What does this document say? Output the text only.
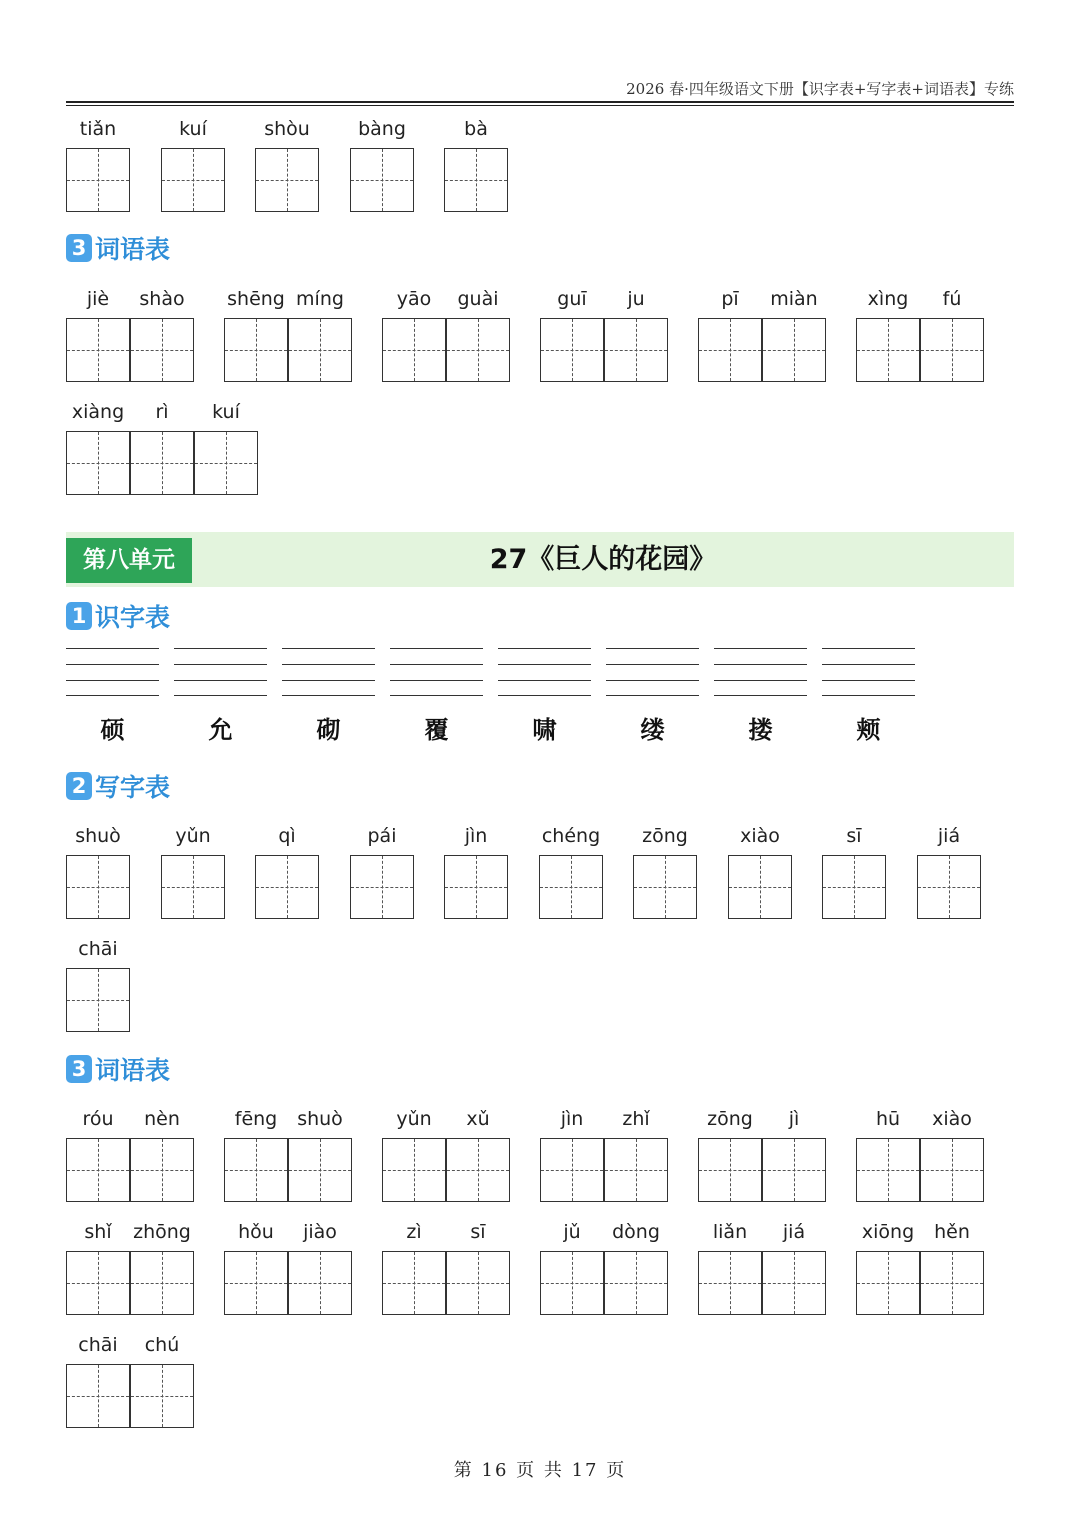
2026 春·四年级语文下册【识字表+写字表+词语表】专练
tiǎn	kuí	shòu	bàng	bà
3 词语表
jiè	shào	shēng míng	yāo	guài	guī	ju	pī	miàn	xìng	fú
xiàng	rì	kuí
第八单元	27《巨人的花园》
1 识字表
硕	允	砌	覆	啸	缕	搂	颊
2 写字表
shuò	yǔn	qì	pái	jìn	chéng	zōng	xiào	sī	jiá
chāi
3 词语表
róu	nèn	fēng	shuò	yǔn	xǔ	jìn	zhǐ	zōng	jì	hū	xiào
shǐ	zhōng	hǒu	jiào	zì	sī	jǔ	dòng	liǎn	jiá	xiōng	hěn
chāi	chú
第 16 页 共 17 页
